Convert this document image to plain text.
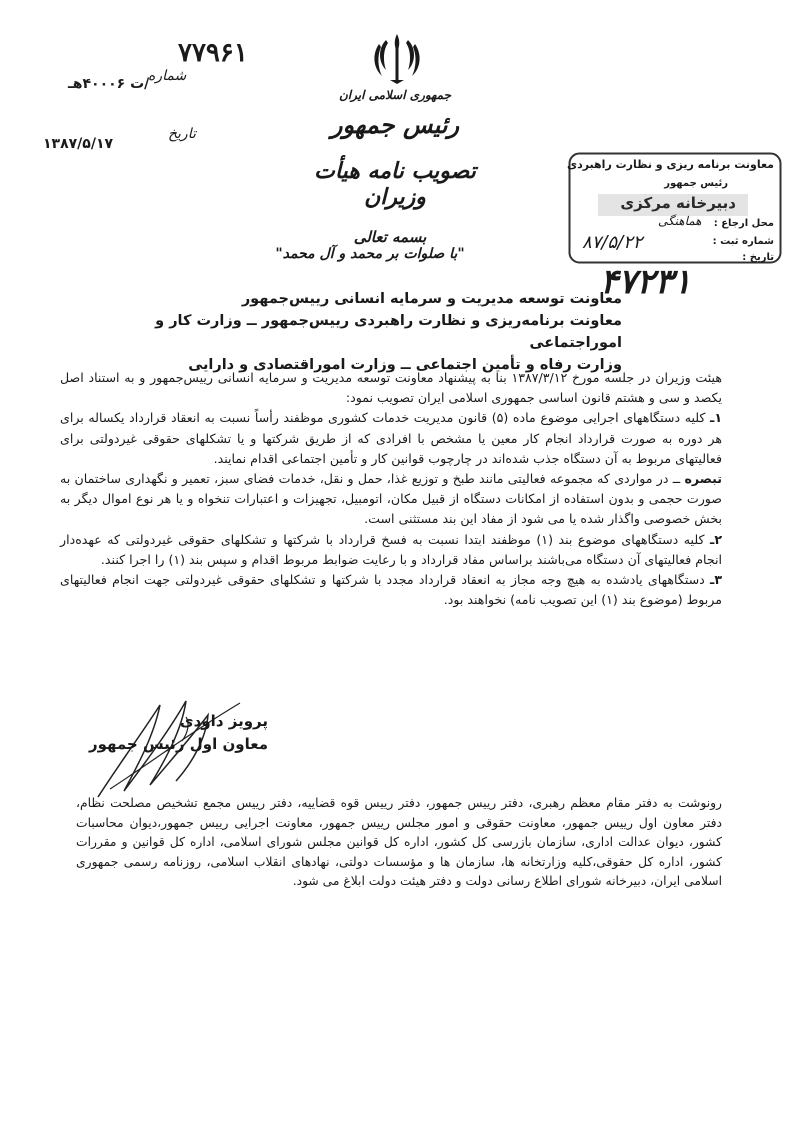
۷۷۹۶۱
شماره
/ت ۴۰۰۰۶هـ
تاریخ
۱۳۸۷/۵/۱۷
جمهوری اسلامی ایران
رئیس جمهور
تصویب نامه هیأت وزیران
معاونت برنامه ریزی و نظارت راهبردی
رئیس جمهور
دبیرخانه مرکزی
محل ارجاع :
شماره ثبت :
تاریخ :
هماهنگی
۸۷/۵/۲۲
۴۷۲۳۱
بسمه تعالی
"با صلوات بر محمد و آل محمد"
معاونت توسعه مدیریت و سرمایه انسانی رییس‌جمهور
معاونت برنامه‌ریزی و نظارت راهبردی رییس‌جمهور ــ وزارت کار و اموراجتماعی
وزارت رفاه و تأمین اجتماعی ــ وزارت اموراقتصادی و دارایی

هیئت وزیران در جلسه مورخ ۱۳۸۷/۳/۱۲ بنا به پیشنهاد معاونت توسعه مدیریت و سرمایه انسانی رییس‌جمهور و به استناد اصل یکصد و سی و هشتم قانون اساسی جمهوری اسلامی ایران تصویب نمود:

۱ـ کلیه دستگاههای اجرایی موضوع ماده (۵) قانون مدیریت خدمات کشوری موظفند رأساً نسبت به انعقاد قرارداد یکساله برای هر دوره به صورت قرارداد انجام کار معین یا مشخص با افرادی که از طریق شرکتها و یا تشکلهای حقوقی غیردولتی برای فعالیتهای مربوط به آن دستگاه جذب شده‌اند در چارچوب قوانین کار و تأمین اجتماعی اقدام نمایند.

تبصره ــ در مواردی که مجموعه فعالیتی مانند طبخ و توزیع غذا، حمل و نقل، خدمات فضای سبز، تعمیر و نگهداری ساختمان به صورت حجمی و بدون استفاده از امکانات دستگاه از قبیل مکان، اتومبیل، تجهیزات و اعتبارات تنخواه و یا هر نوع اموال دیگر به بخش خصوصی واگذار شده یا می شود از مفاد این بند مستثنی است.

۲ـ کلیه دستگاههای موضوع بند (۱) موظفند ابتدا نسبت به فسخ قرارداد با شرکتها و تشکلهای حقوقی غیردولتی که عهده‌دار انجام فعالیتهای آن دستگاه می‌باشند براساس مفاد قرارداد و با رعایت ضوابط مربوط اقدام و سپس بند (۱) را اجرا کنند.

۳ـ دستگاههای یادشده به هیچ وجه مجاز به انعقاد قرارداد مجدد با شرکتها و تشکلهای حقوقی غیردولتی جهت انجام فعالیتهای مربوط (موضوع بند (۱) این تصویب نامه) نخواهند بود.

پرویز داودی
معاون اول رئیس جمهور
رونوشت به دفتر مقام معظم رهبری، دفتر رییس جمهور، دفتر رییس قوه قضاییه، دفتر رییس مجمع تشخیص مصلحت نظام، دفتر معاون اول رییس جمهور، معاونت حقوقی و امور مجلس رییس جمهور، معاونت اجرایی رییس جمهور،دیوان محاسبات کشور، دیوان عدالت اداری، سازمان بازرسی کل کشور، اداره کل قوانین مجلس شورای اسلامی، اداره کل قوانین و مقررات کشور، اداره کل حقوقی،کلیه وزارتخانه ها، سازمان ها و مؤسسات دولتی، نهادهای انقلاب اسلامی، روزنامه رسمی جمهوری اسلامی ایران، دبیرخانه شورای اطلاع رسانی دولت و دفتر هیئت دولت ابلاغ می شود.
